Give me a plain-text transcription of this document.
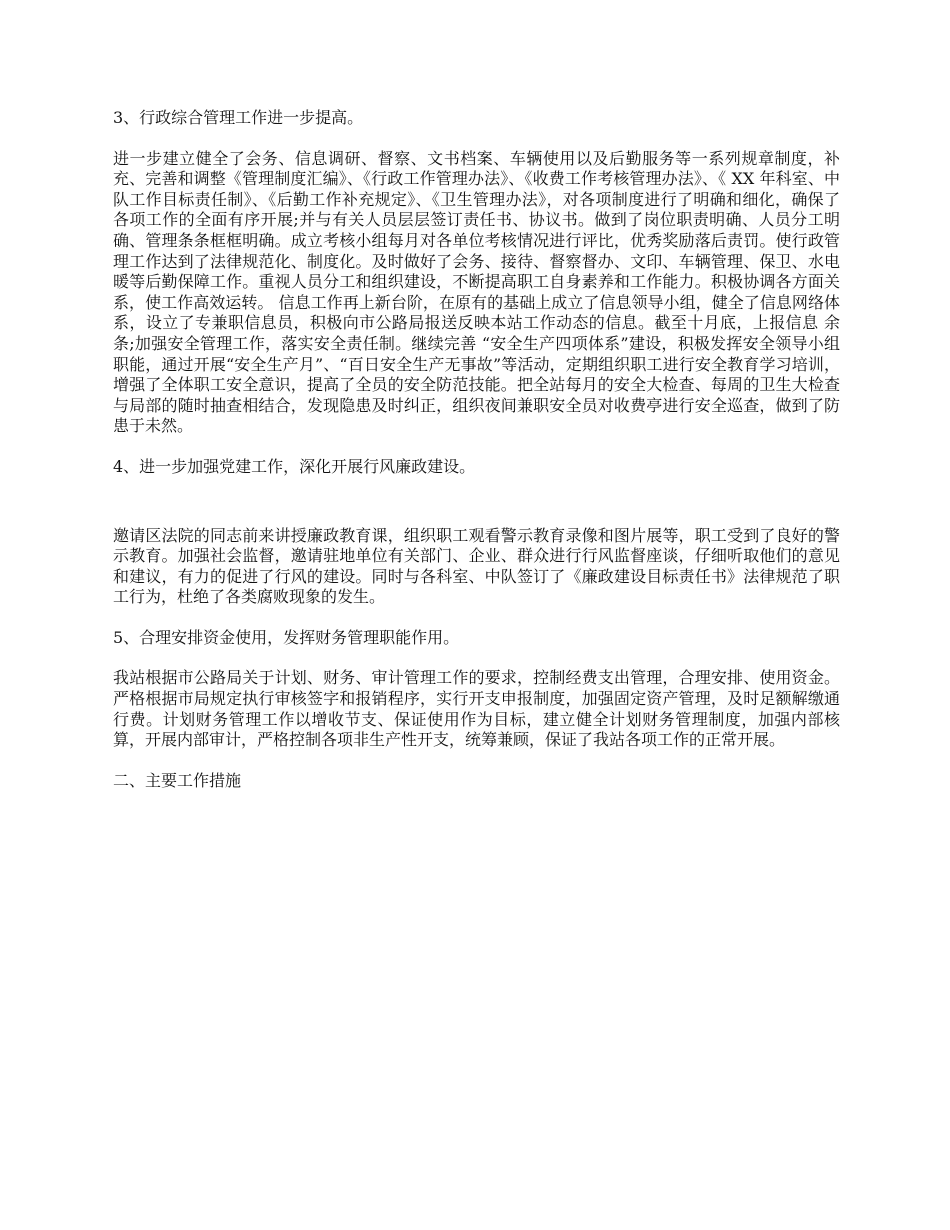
3、行政综合管理工作进一步提高。

进一步建立健全了会务、信息调研、督察、文书档案、车辆使用以及后勤服务等一系列规章制度，补充、完善和调整《管理制度汇编》、《行政工作管理办法》、《收费工作考核管理办法》、《 XX 年科室、中队工作目标责任制》、《后勤工作补充规定》、《卫生管理办法》，对各项制度进行了明确和细化，确保了各项工作的全面有序开展;并与有关人员层层签订责任书、协议书。做到了岗位职责明确、人员分工明确、管理条条框框明确。成立考核小组每月对各单位考核情况进行评比，优秀奖励落后责罚。使行政管理工作达到了法律规范化、制度化。及时做好了会务、接待、督察督办、文印、车辆管理、保卫、水电暖等后勤保障工作。重视人员分工和组织建设，不断提高职工自身素养和工作能力。积极协调各方面关系，使工作高效运转。 信息工作再上新台阶，在原有的基础上成立了信息领导小组，健全了信息网络体系，设立了专兼职信息员，积极向市公路局报送反映本站工作动态的信息。截至十月底，上报信息 余条;加强安全管理工作，落实安全责任制。继续完善 “安全生产四项体系”建设，积极发挥安全领导小组职能，通过开展“安全生产月”、“百日安全生产无事故”等活动，定期组织职工进行安全教育学习培训，增强了全体职工安全意识，提高了全员的安全防范技能。把全站每月的安全大检查、每周的卫生大检查与局部的随时抽查相结合，发现隐患及时纠正，组织夜间兼职安全员对收费亭进行安全巡查，做到了防患于未然。

4、进一步加强党建工作，深化开展行风廉政建设。

邀请区法院的同志前来讲授廉政教育课，组织职工观看警示教育录像和图片展等，职工受到了良好的警示教育。加强社会监督，邀请驻地单位有关部门、企业、群众进行行风监督座谈，仔细听取他们的意见和建议，有力的促进了行风的建设。同时与各科室、中队签订了《廉政建设目标责任书》法律规范了职工行为，杜绝了各类腐败现象的发生。

5、合理安排资金使用，发挥财务管理职能作用。

我站根据市公路局关于计划、财务、审计管理工作的要求，控制经费支出管理，合理安排、使用资金。严格根据市局规定执行审核签字和报销程序，实行开支申报制度，加强固定资产管理，及时足额解缴通行费。计划财务管理工作以增收节支、保证使用作为目标，建立健全计划财务管理制度，加强内部核算，开展内部审计，严格控制各项非生产性开支，统筹兼顾，保证了我站各项工作的正常开展。

二、主要工作措施
